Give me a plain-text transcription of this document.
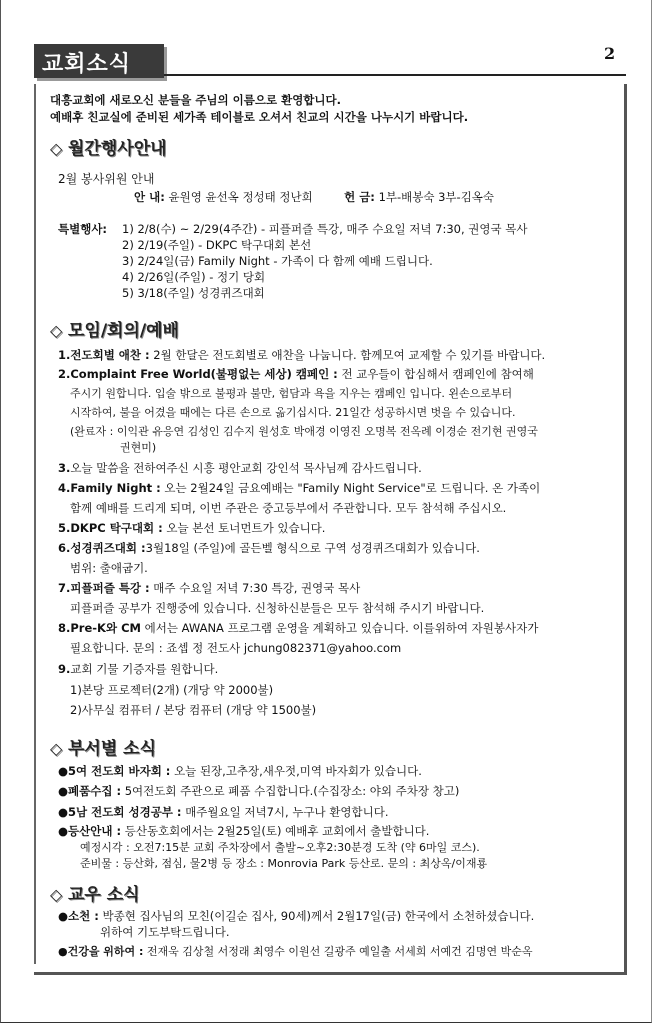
교회소식	2
대흥교회에 새로오신 분들을 주님의 이름으로 환영합니다.
예배후 친교실에 준비된 세가족 테이블로 오셔서 친교의 시간을 나누시기 바랍니다.
◇ 월간행사안내
2월 봉사위원 안내
안 내: 윤원영 윤선옥 정성태 정난희	헌 금: 1부-배봉숙 3부-김옥숙
특별행사: 1) 2/8(수) ~ 2/29(4주간) - 피플퍼즐 특강, 매주 수요일 저녁 7:30, 권영국 목사
2) 2/19(주일) - DKPC 탁구대회 본선
3) 2/24일(금) Family Night - 가족이 다 함께 예배 드립니다.
4) 2/26일(주일) - 정기 당회
5) 3/18(주일) 성경퀴즈대회
◇ 모임/회의/예배
1.전도회별 애찬 : 2월 한달은 전도회별로 애찬을 나눕니다. 함께모여 교제할 수 있기를 바랍니다.
2.Complaint Free World(불평없는 세상) 캠페인 : 전 교우들이 합심해서 캠페인에 참여해
주시기 원합니다. 입술 밖으로 불평과 불만, 험담과 욕을 지우는 캠페인 입니다. 왼손으로부터
시작하여, 불을 어겼을 때에는 다른 손으로 옮기십시다. 21일간 성공하시면 벗을 수 있습니다.
(완료자 : 이익관 유응연 김성인 김수지 원성호 박애경 이영진 오명복 전옥례 이경순 전기현 권영국
권현미)
3.오늘 말씀을 전하여주신 시흥 평안교회 강인석 목사님께 감사드립니다.
4.Family Night : 오는 2월24일 금요예배는 "Family Night Service"로 드립니다. 온 가족이
함께 예배를 드리게 되며, 이번 주관은 중고등부에서 주관합니다. 모두 참석해 주십시오.
5.DKPC 탁구대회 : 오늘 본선 토너먼트가 있습니다.
6.성경퀴즈대회 :3월18일 (주일)에 골든벨 형식으로 구역 성경퀴즈대회가 있습니다.
범위: 출애굽기.
7.피플퍼즐 특강 : 매주 수요일 저녁 7:30 특강, 권영국 목사
피플퍼즐 공부가 진행중에 있습니다. 신청하신분들은 모두 참석해 주시기 바랍니다.
8.Pre-K와 CM 에서는 AWANA 프로그램 운영을 계획하고 있습니다. 이를위하여 자원봉사자가
필요합니다. 문의 : 죠셉 정 전도사 jchung082371@yahoo.com
9.교회 기물 기증자를 원합니다.
1)본당 프로젝터(2개) (개당 약 2000불)
2)사무실 컴퓨터 / 본당 컴퓨터 (개당 약 1500불)
◇ 부서별 소식
●5여 전도회 바자회 : 오늘 된장,고추장,새우젓,미역 바자회가 있습니다.
●폐품수집 : 5여전도회 주관으로 폐품 수집합니다.(수집장소: 야외 주차장 창고)
●5남 전도회 성경공부 : 매주월요일 저녁7시, 누구나 환영합니다.
●등산안내 : 등산동호회에서는 2월25일(토) 예배후 교회에서 출발합니다.
예정시각 : 오전7:15분 교회 주차장에서 출발~오후2:30분경 도착 (약 6마일 코스).
준비물 : 등산화, 점심, 물2병 등 장소 : Monrovia Park 등산로. 문의 : 최상옥/이재룡
◇ 교우 소식
●소천 : 박종현 집사님의 모친(이길순 집사, 90세)께서 2월17일(금) 한국에서 소천하셨습니다.
위하여 기도부탁드립니다.
●건강을 위하여 : 전재욱 김상철 서정래 최영수 이원선 길광주 예일출 서세희 서예건 김명연 박순옥
